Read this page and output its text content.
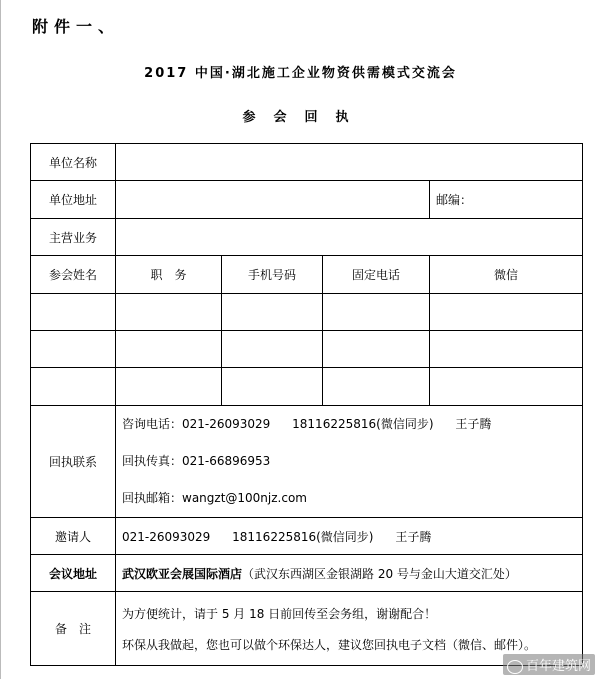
附件一、
2017 中国·湖北施工企业物资供需模式交流会
参会回执
单位名称				
单位地址				邮编：
主营业务				
参会姓名	职　务	手机号码	固定电话	微信

回执联系	咨询电话：021-26093029 18116225816(微信同步) 王子腾
回执传真：021-66896953
回执邮箱：wangzt@100njz.com			

邀请人	021-26093029 18116225816(微信同步) 王子腾			
会议地址	武汉欧亚会展国际酒店（武汉东西湖区金银湖路 20 号与金山大道交汇处）			
备　注	为方便统计，请于 5 月 18 日前回传至会务组，谢谢配合！
环保从我做起，您也可以做个环保达人，建议您回执电子文档（微信、邮件）。			
百年建筑网
